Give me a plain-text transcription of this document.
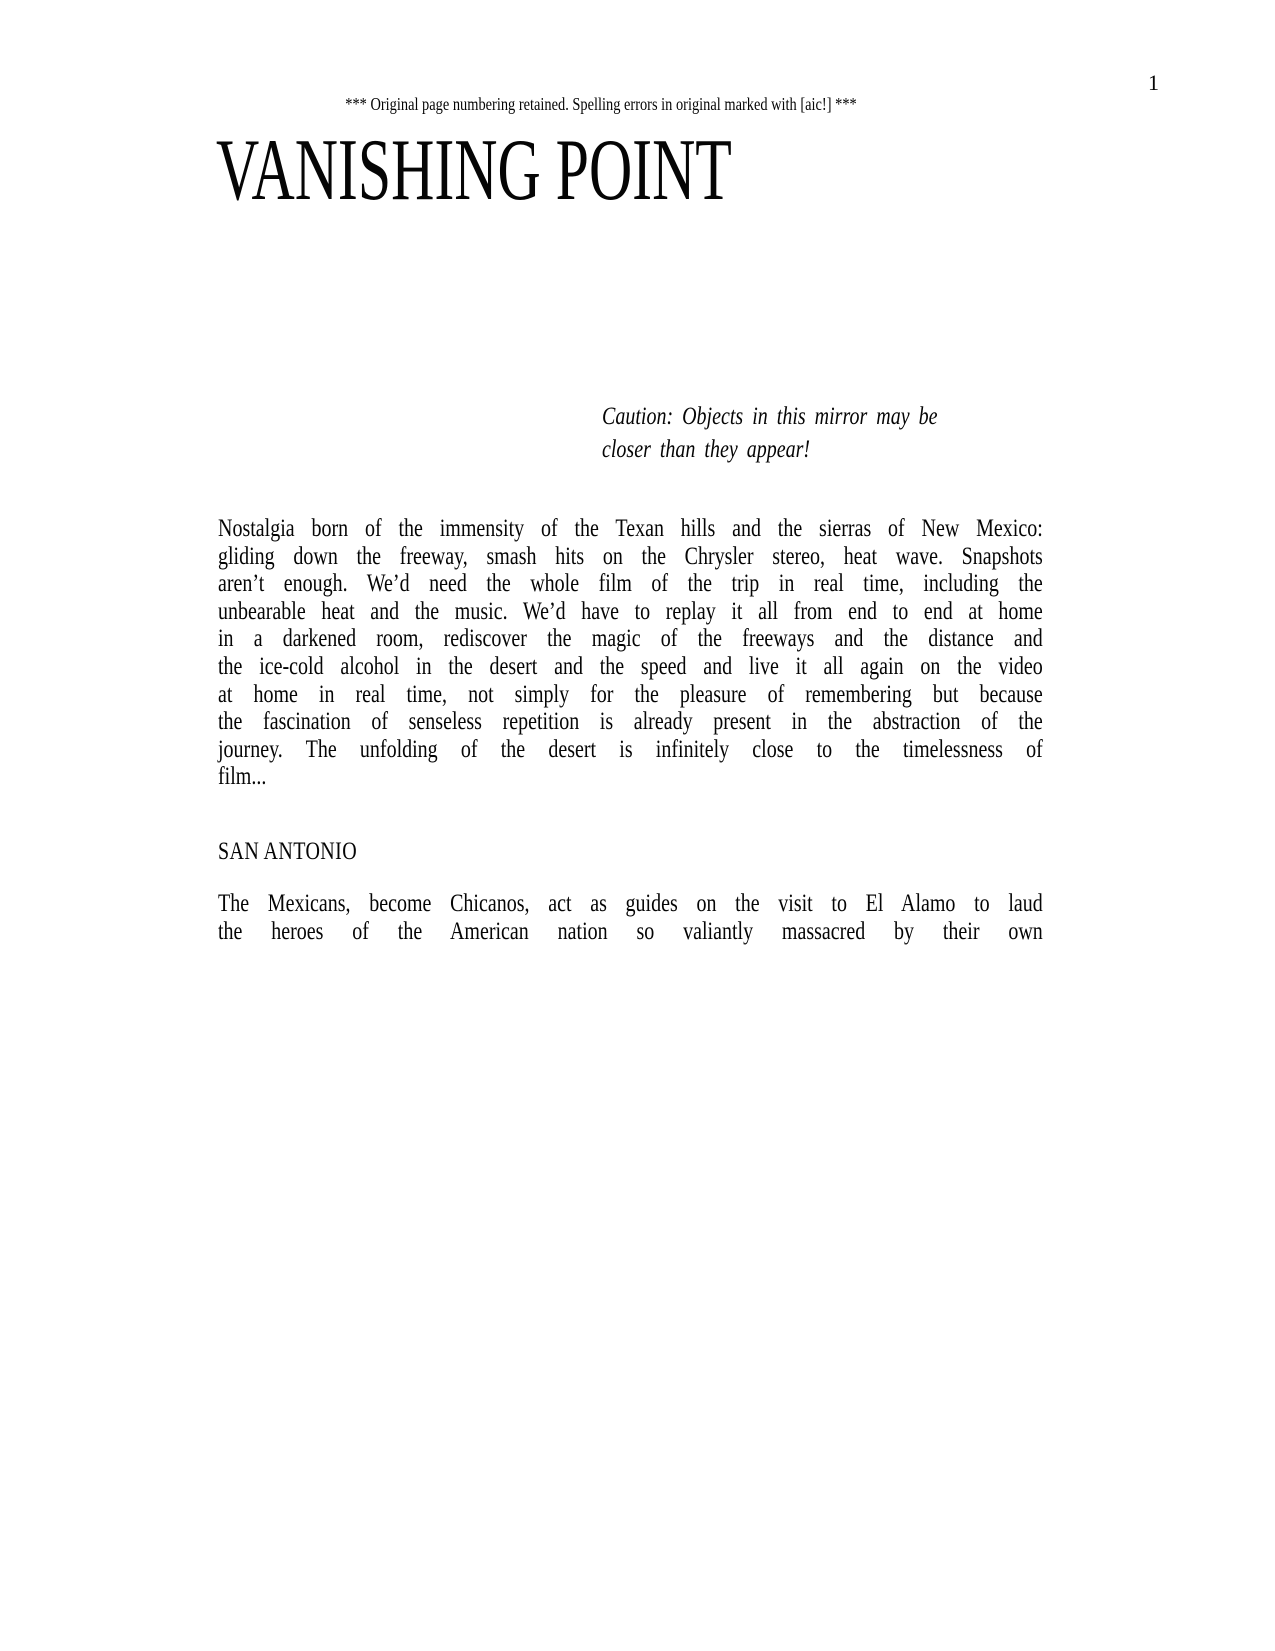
1
*** Original page numbering retained. Spelling errors in original marked with [aic!] ***
VANISHING POINT
Caution: Objects in this mirror may be
closer than they appear!
Nostalgia born of the immensity of the Texan hills and the sierras of New Mexico:
gliding down the freeway, smash hits on the Chrysler stereo, heat wave. Snapshots
aren’t enough. We’d need the whole film of the trip in real time, including the
unbearable heat and the music. We’d have to replay it all from end to end at home
in a darkened room, rediscover the magic of the freeways and the distance and
the ice-cold alcohol in the desert and the speed and live it all again on the video
at home in real time, not simply for the pleasure of remembering but because
the fascination of senseless repetition is already present in the abstraction of the
journey. The unfolding of the desert is infinitely close to the timelessness of
film...
SAN ANTONIO
The Mexicans, become Chicanos, act as guides on the visit to El Alamo to laud
the heroes of the American nation so valiantly massacred by their own
